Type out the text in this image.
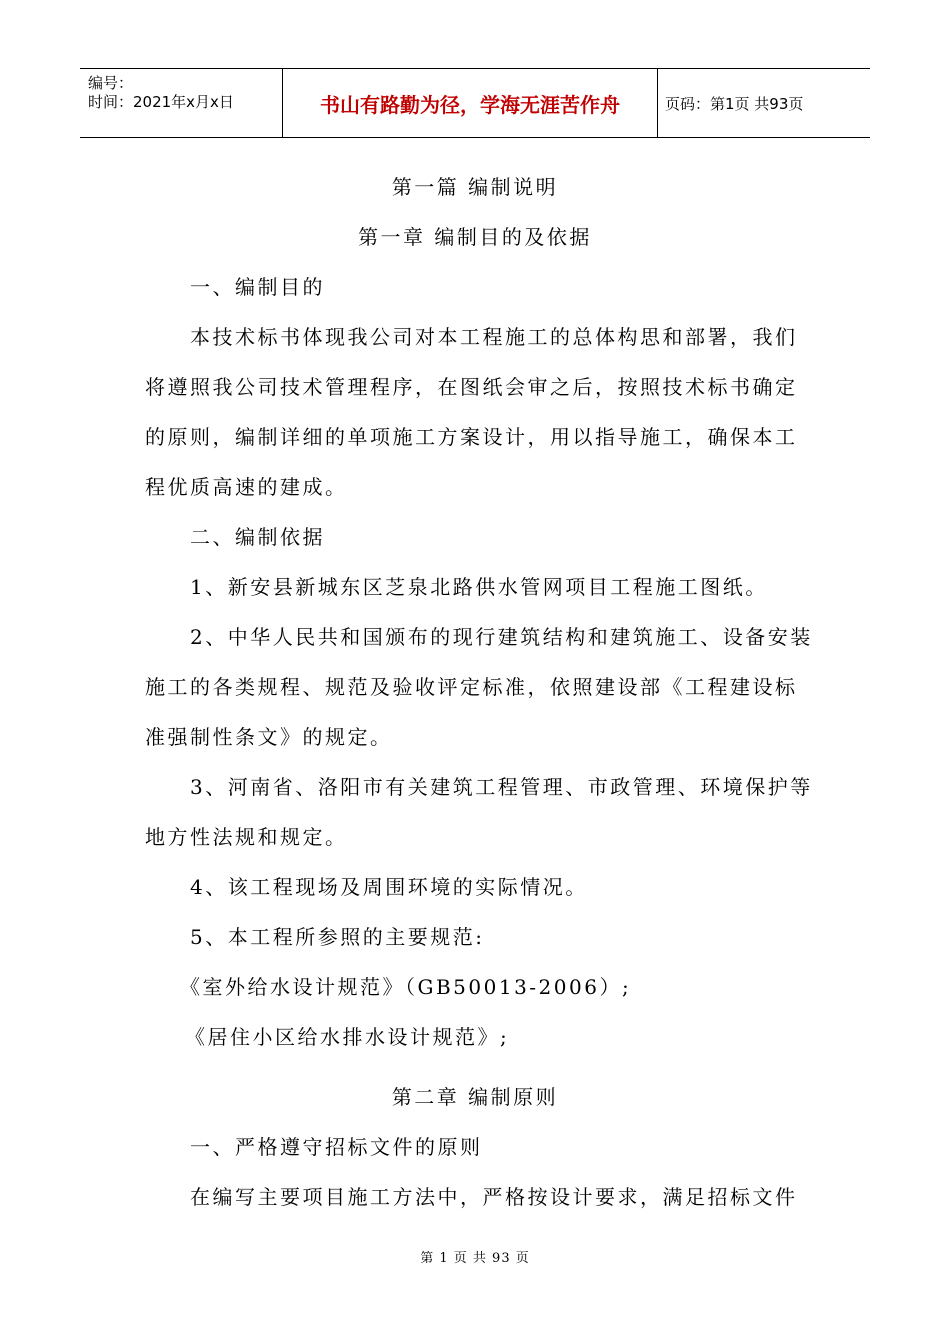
编号：
时间：2021年x月x日	书山有路勤为径，学海无涯苦作舟	页码：第1页 共93页
第一篇 编制说明
第一章 编制目的及依据
一、编制目的
本技术标书体现我公司对本工程施工的总体构思和部署，我们
将遵照我公司技术管理程序，在图纸会审之后，按照技术标书确定
的原则，编制详细的单项施工方案设计，用以指导施工，确保本工
程优质高速的建成。
二、编制依据
1、新安县新城东区芝泉北路供水管网项目工程施工图纸。
2、中华人民共和国颁布的现行建筑结构和建筑施工、设备安装
施工的各类规程、规范及验收评定标准，依照建设部《工程建设标
准强制性条文》的规定。
3、河南省、洛阳市有关建筑工程管理、市政管理、环境保护等
地方性法规和规定。
4、该工程现场及周围环境的实际情况。
5、本工程所参照的主要规范:
《室外给水设计规范》（GB50013-2006）;
《居住小区给水排水设计规范》;
第二章 编制原则
一、严格遵守招标文件的原则
在编写主要项目施工方法中，严格按设计要求，满足招标文件
第 1 页 共 93 页
